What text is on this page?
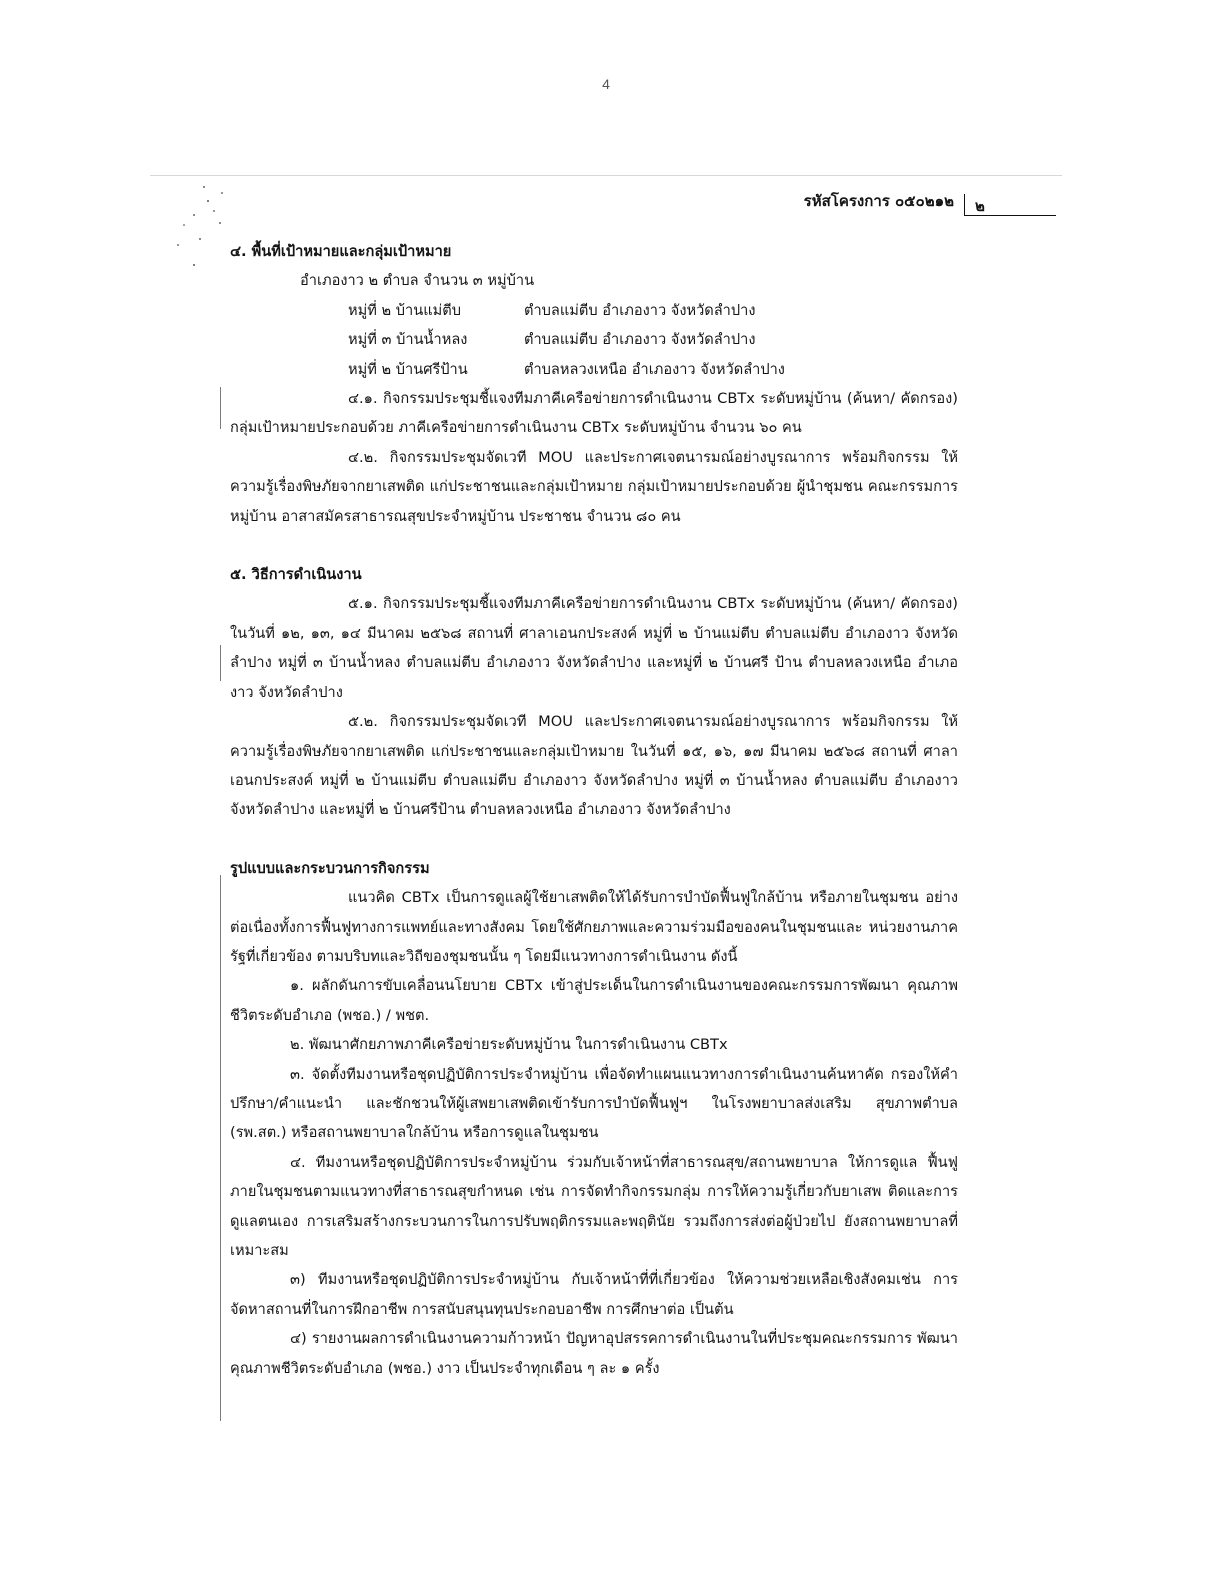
4
รหัสโครงการ ๐๕๐๒๑๒	๒

๔. พื้นที่เป้าหมายและกลุ่มเป้าหมาย

อำเภองาว ๒ ตำบล จำนวน ๓ หมู่บ้าน

หมู่ที่ ๒ บ้านแม่ตีบ	ตำบลแม่ตีบ อำเภองาว จังหวัดลำปาง
หมู่ที่ ๓ บ้านน้ำหลง	ตำบลแม่ตีบ อำเภองาว จังหวัดลำปาง
หมู่ที่ ๒ บ้านศรีป้าน	ตำบลหลวงเหนือ อำเภองาว จังหวัดลำปาง

๔.๑. กิจกรรมประชุมชี้แจงทีมภาคีเครือข่ายการดำเนินงาน CBTx ระดับหมู่บ้าน (ค้นหา/ คัดกรอง) กลุ่มเป้าหมายประกอบด้วย ภาคีเครือข่ายการดำเนินงาน CBTx ระดับหมู่บ้าน จำนวน ๖๐ คน

๔.๒. กิจกรรมประชุมจัดเวที MOU และประกาศเจตนารมณ์อย่างบูรณาการ พร้อมกิจกรรม ให้ความรู้เรื่องพิษภัยจากยาเสพติด แก่ประชาชนและกลุ่มเป้าหมาย กลุ่มเป้าหมายประกอบด้วย ผู้นำชุมชน คณะกรรมการหมู่บ้าน อาสาสมัครสาธารณสุขประจำหมู่บ้าน ประชาชน จำนวน ๘๐ คน

๕. วิธีการดำเนินงาน

๕.๑. กิจกรรมประชุมชี้แจงทีมภาคีเครือข่ายการดำเนินงาน CBTx ระดับหมู่บ้าน (ค้นหา/ คัดกรอง) ในวันที่ ๑๒, ๑๓, ๑๔ มีนาคม ๒๕๖๘ สถานที่ ศาลาเอนกประสงค์ หมู่ที่ ๒ บ้านแม่ตีบ ตำบลแม่ตีบ อำเภองาว จังหวัดลำปาง หมู่ที่ ๓ บ้านน้ำหลง ตำบลแม่ตีบ อำเภองาว จังหวัดลำปาง และหมู่ที่ ๒ บ้านศรี ป้าน ตำบลหลวงเหนือ อำเภองาว จังหวัดลำปาง

๕.๒. กิจกรรมประชุมจัดเวที MOU และประกาศเจตนารมณ์อย่างบูรณาการ พร้อมกิจกรรม ให้ความรู้เรื่องพิษภัยจากยาเสพติด แก่ประชาชนและกลุ่มเป้าหมาย ในวันที่ ๑๕, ๑๖, ๑๗ มีนาคม ๒๕๖๘ สถานที่ ศาลาเอนกประสงค์ หมู่ที่ ๒ บ้านแม่ตีบ ตำบลแม่ตีบ อำเภองาว จังหวัดลำปาง หมู่ที่ ๓ บ้านน้ำหลง ตำบลแม่ตีบ อำเภองาว จังหวัดลำปาง และหมู่ที่ ๒ บ้านศรีป้าน ตำบลหลวงเหนือ อำเภองาว จังหวัดลำปาง

รูปแบบและกระบวนการกิจกรรม

แนวคิด CBTx เป็นการดูแลผู้ใช้ยาเสพติดให้ได้รับการบำบัดฟื้นฟูใกล้บ้าน หรือภายในชุมชน อย่างต่อเนื่องทั้งการฟื้นฟูทางการแพทย์และทางสังคม โดยใช้ศักยภาพและความร่วมมือของคนในชุมชนและ หน่วยงานภาครัฐที่เกี่ยวข้อง ตามบริบทและวิถีของชุมชนนั้น ๆ โดยมีแนวทางการดำเนินงาน ดังนี้

๑. ผลักดันการขับเคลื่อนนโยบาย CBTx เข้าสู่ประเด็นในการดำเนินงานของคณะกรรมการพัฒนา คุณภาพชีวิตระดับอำเภอ (พชอ.) / พชต.

๒. พัฒนาศักยภาพภาคีเครือข่ายระดับหมู่บ้าน ในการดำเนินงาน CBTx

๓. จัดตั้งทีมงานหรือชุดปฏิบัติการประจำหมู่บ้าน เพื่อจัดทำแผนแนวทางการดำเนินงานค้นหาคัด กรองให้คำปรึกษา/คำแนะนำ และชักชวนให้ผู้เสพยาเสพติดเข้ารับการบำบัดฟื้นฟูฯ ในโรงพยาบาลส่งเสริม สุขภาพตำบล (รพ.สต.) หรือสถานพยาบาลใกล้บ้าน หรือการดูแลในชุมชน

๔. ทีมงานหรือชุดปฏิบัติการประจำหมู่บ้าน ร่วมกับเจ้าหน้าที่สาธารณสุข/สถานพยาบาล ให้การดูแล ฟื้นฟูภายในชุมชนตามแนวทางที่สาธารณสุขกำหนด เช่น การจัดทำกิจกรรมกลุ่ม การให้ความรู้เกี่ยวกับยาเสพ ติดและการดูแลตนเอง การเสริมสร้างกระบวนการในการปรับพฤติกรรมและพฤตินัย รวมถึงการส่งต่อผู้ป่วยไป ยังสถานพยาบาลที่เหมาะสม

๓) ทีมงานหรือชุดปฏิบัติการประจำหมู่บ้าน กับเจ้าหน้าที่ที่เกี่ยวข้อง ให้ความช่วยเหลือเชิงสังคมเช่น การจัดหาสถานที่ในการฝึกอาชีพ การสนับสนุนทุนประกอบอาชีพ การศึกษาต่อ เป็นต้น

๔) รายงานผลการดำเนินงานความก้าวหน้า ปัญหาอุปสรรคการดำเนินงานในที่ประชุมคณะกรรมการ พัฒนาคุณภาพชีวิตระดับอำเภอ (พชอ.) งาว เป็นประจำทุกเดือน ๆ ละ ๑ ครั้ง
